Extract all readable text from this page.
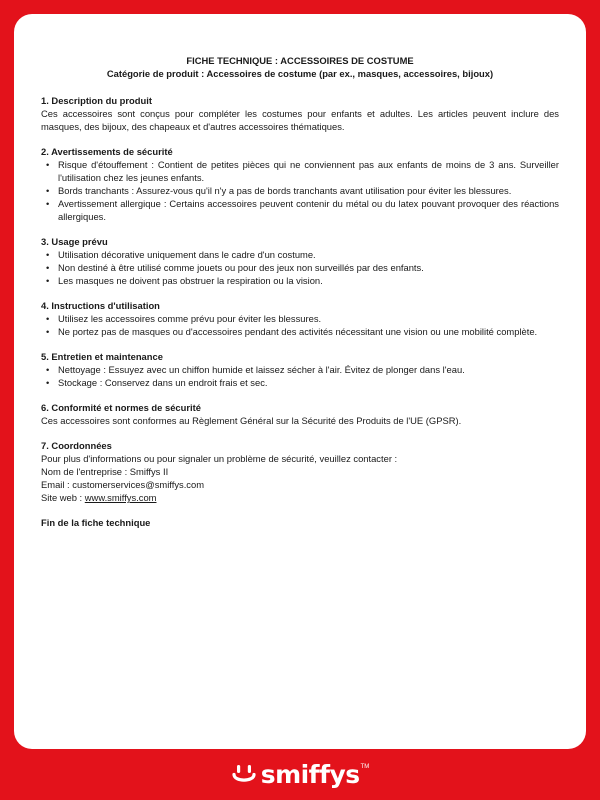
FICHE TECHNIQUE : ACCESSOIRES DE COSTUME

Catégorie de produit : Accessoires de costume (par ex., masques, accessoires, bijoux)

1. Description du produit

Ces accessoires sont conçus pour compléter les costumes pour enfants et adultes. Les articles peuvent inclure des masques, des bijoux, des chapeaux et d'autres accessoires thématiques.

2. Avertissements de sécurité

• Risque d'étouffement : Contient de petites pièces qui ne conviennent pas aux enfants de moins de 3 ans. Surveiller l'utilisation chez les jeunes enfants.
• Bords tranchants : Assurez-vous qu'il n'y a pas de bords tranchants avant utilisation pour éviter les blessures.
• Avertissement allergique : Certains accessoires peuvent contenir du métal ou du latex pouvant provoquer des réactions allergiques.

3. Usage prévu

• Utilisation décorative uniquement dans le cadre d'un costume.
• Non destiné à être utilisé comme jouets ou pour des jeux non surveillés par des enfants.
• Les masques ne doivent pas obstruer la respiration ou la vision.

4. Instructions d'utilisation

• Utilisez les accessoires comme prévu pour éviter les blessures.
• Ne portez pas de masques ou d'accessoires pendant des activités nécessitant une vision ou une mobilité complète.

5. Entretien et maintenance

• Nettoyage : Essuyez avec un chiffon humide et laissez sécher à l'air. Évitez de plonger dans l'eau.
• Stockage : Conservez dans un endroit frais et sec.

6. Conformité et normes de sécurité

Ces accessoires sont conformes au Règlement Général sur la Sécurité des Produits de l'UE (GPSR).

7. Coordonnées

Pour plus d'informations ou pour signaler un problème de sécurité, veuillez contacter :

Nom de l'entreprise : Smiffys II

Email : customerservices@smiffys.com

Site web : www.smiffys.com

Fin de la fiche technique

smiffys TM
